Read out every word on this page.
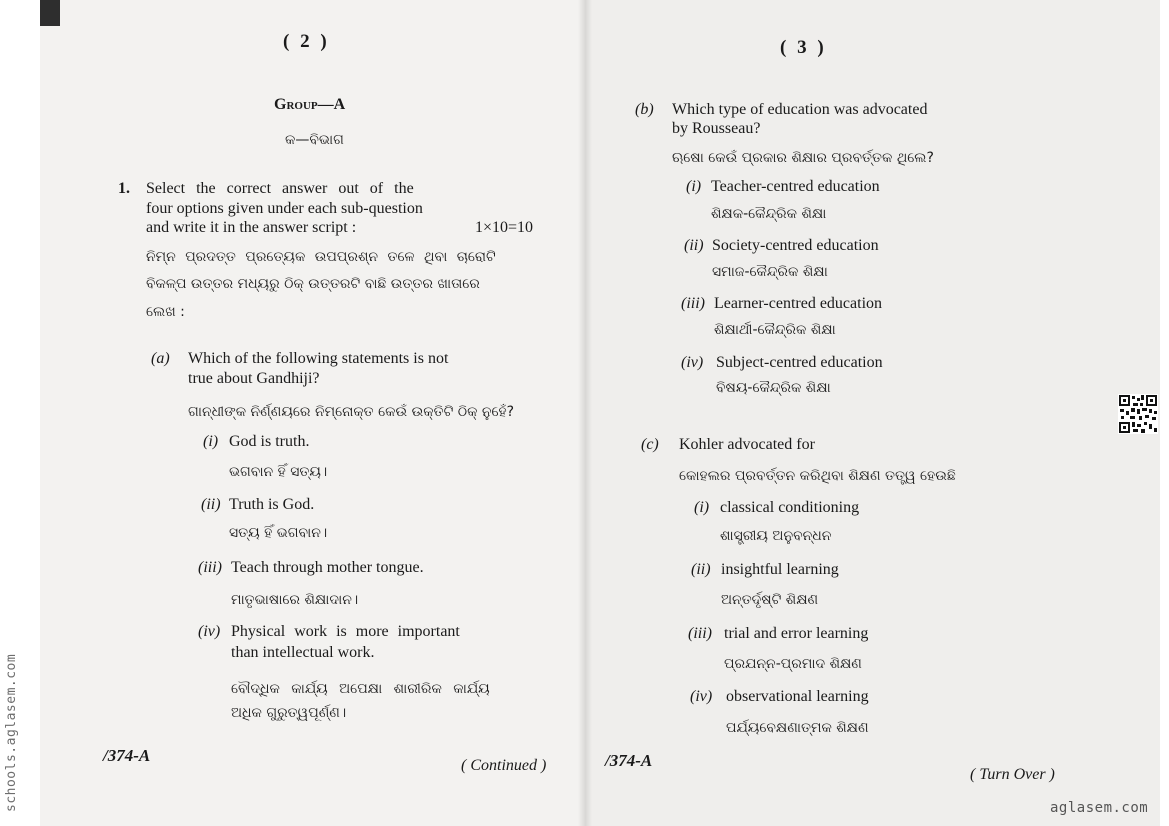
schools.aglasem.com
( 2 )
Group—A
କ—ବିଭାଗ
1. Select the correct answer out of the
four options given under each sub-question
and write it in the answer script :	1×10=10
ନିମ୍ନ ପ୍ରଦତ୍ତ ପ୍ରତ୍ୟେକ ଉପପ୍ରଶ୍ନ ତଳେ ଥିବା ଚାରୋଟି
ବିକଳ୍ପ ଉତ୍ତର ମଧ୍ୟରୁ ଠିକ୍ ଉତ୍ତରଟି ବାଛି ଉତ୍ତର ଖାତାରେ
ଲେଖ :
(a) Which of the following statements is not
true about Gandhiji?
ଗାନ୍ଧୀଙ୍କ ନିର୍ଣ୍ଣୟରେ ନିମ୍ନୋକ୍ତ କେଉଁ ଉକ୍ତିଟି ଠିକ୍ ନୁହେଁ?
(i) God is truth.
ଭଗବାନ ହିଁ ସତ୍ୟ।
(ii) Truth is God.
ସତ୍ୟ ହିଁ ଭଗବାନ।
(iii) Teach through mother tongue.
ମାତୃଭାଷାରେ ଶିକ୍ଷାଦାନ।
(iv) Physical work is more important
than intellectual work.
ବୌଦ୍ଧିକ କାର୍ଯ୍ୟ ଅପେକ୍ଷା ଶାରୀରିକ କାର୍ଯ୍ୟ
ଅଧିକ ଗୁରୁତ୍ୱପୂର୍ଣ୍ଣ।
/374-A
( Continued )
( 3 )
(b) Which type of education was advocated
by Rousseau?
ଋଷୋ କେଉଁ ପ୍ରକାର ଶିକ୍ଷାର ପ୍ରବର୍ତ୍ତକ ଥିଲେ?
(i) Teacher-centred education
ଶିକ୍ଷକ-କୈନ୍ଦ୍ରିକ ଶିକ୍ଷା
(ii) Society-centred education
ସମାଜ-କୈନ୍ଦ୍ରିକ ଶିକ୍ଷା
(iii) Learner-centred education
ଶିକ୍ଷାର୍ଥୀ-କୈନ୍ଦ୍ରିକ ଶିକ୍ଷା
(iv) Subject-centred education
ବିଷୟ-କୈନ୍ଦ୍ରିକ ଶିକ୍ଷା
(c) Kohler advocated for
କୋହଲର ପ୍ରବର୍ତ୍ତନ କରିଥିବା ଶିକ୍ଷଣ ତତ୍ତ୍ୱ ହେଉଛି
(i) classical conditioning
ଶାସ୍ତ୍ରୀୟ ଅନୁବନ୍ଧନ
(ii) insightful learning
ଅନ୍ତର୍ଦୃଷ୍ଟି ଶିକ୍ଷଣ
(iii) trial and error learning
ପ୍ରଯନ୍ନ-ପ୍ରମାଦ ଶିକ୍ଷଣ
(iv) observational learning
ପର୍ଯ୍ୟବେକ୍ଷଣାତ୍ମକ ଶିକ୍ଷଣ
/374-A
( Turn Over )
aglasem.com
